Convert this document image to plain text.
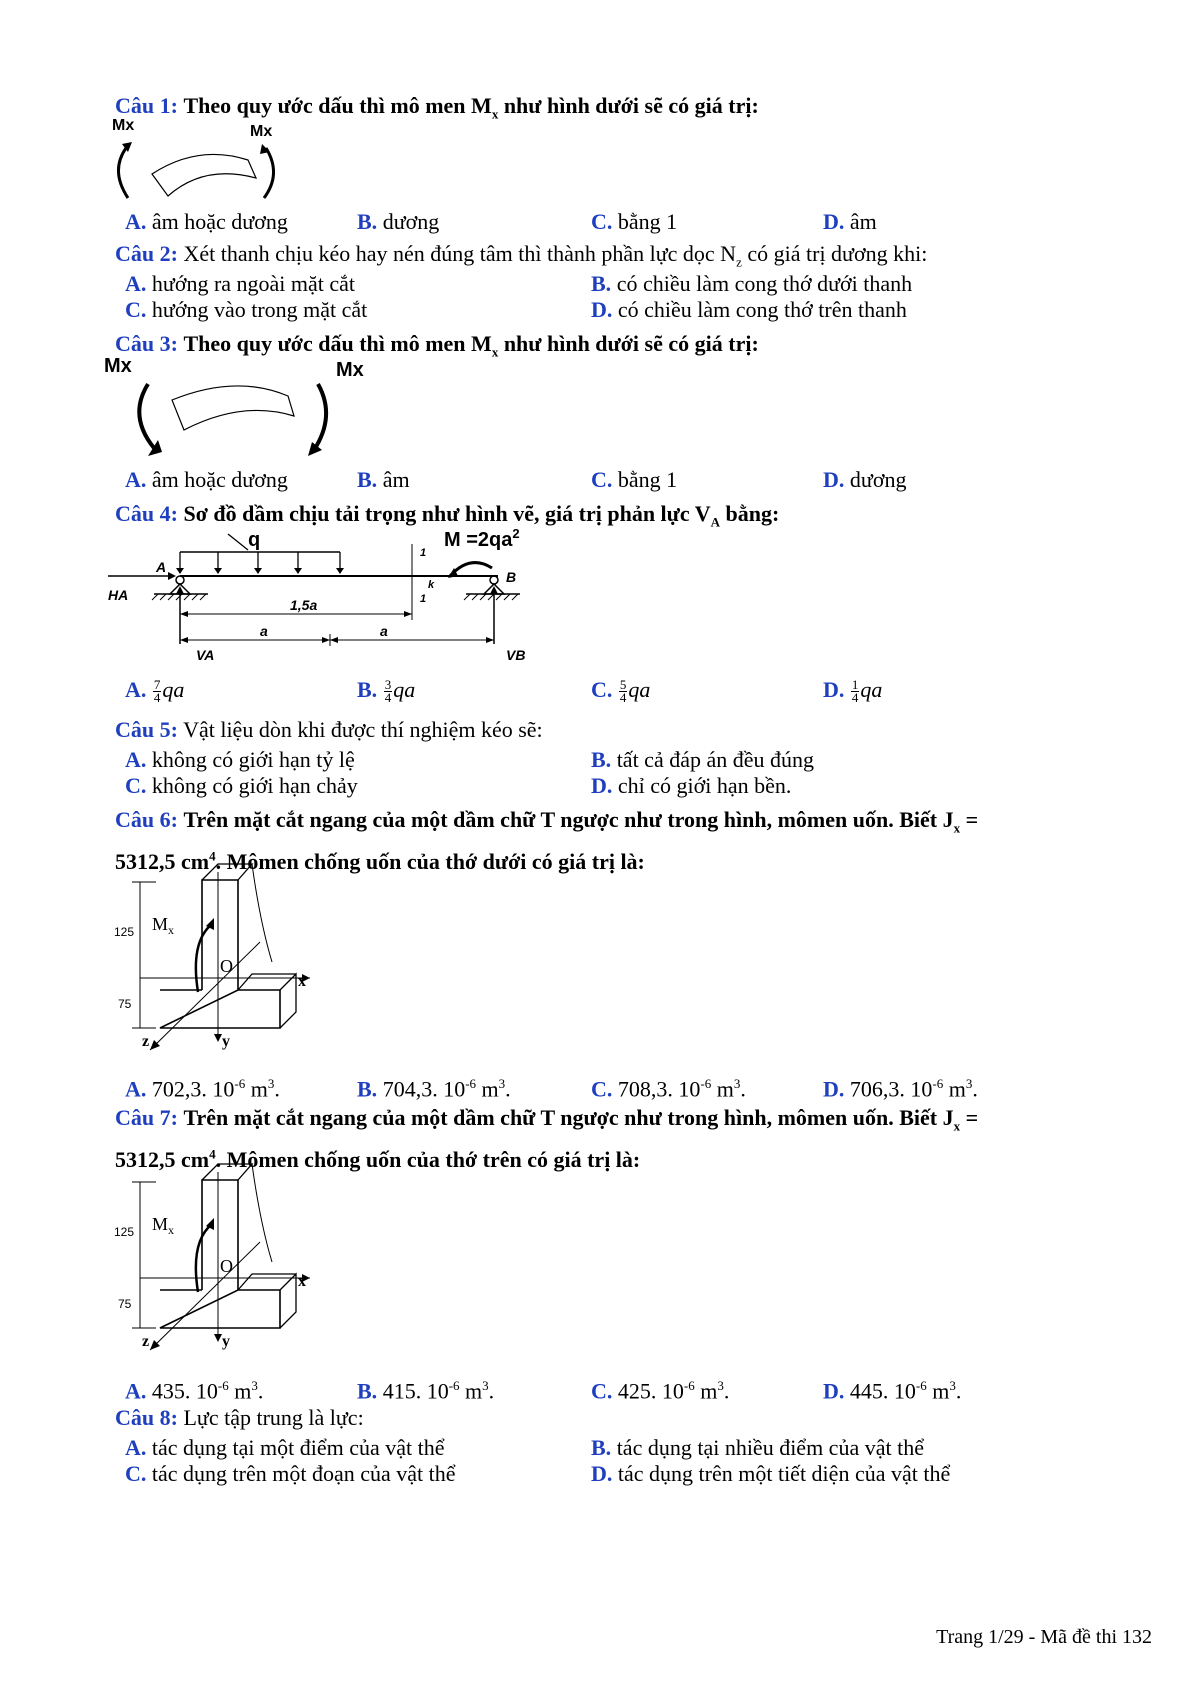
Câu 1: Theo quy ước dấu thì mô men $M_x$ như hình dưới sẽ có giá trị:
Mx	Mx
A. âm hoặc dương	B. dương	C. bằng 1	D. âm
Câu 2: Xét thanh chịu kéo hay nén đúng tâm thì thành phần lực dọc $N_z$ có giá trị dương khi:
A. hướng ra ngoài mặt cắt	B. có chiều làm cong thớ dưới thanh
C. hướng vào trong mặt cắt	D. có chiều làm cong thớ trên thanh
Câu 3: Theo quy ước dấu thì mô men $M_x$ như hình dưới sẽ có giá trị:
Mx	Mx
A. âm hoặc dương	B. âm	C. bằng 1	D. dương
Câu 4: Sơ đồ dầm chịu tải trọng như hình vẽ, giá trị phản lực $V_A$ bằng:
q
A
HA
B
$M =2qa^2$
1
k
1
1,5a
a	a
VA	VB
A. $\frac{7}{4}$ qa	B. $\frac{3}{4}$ qa	C. $\frac{5}{4}$ qa	D. $\frac{1}{4}$ qa
Câu 5: Vật liệu dòn khi được thí nghiệm kéo sẽ:
A. không có giới hạn tỷ lệ	B. tất cả đáp án đều đúng
C. không có giới hạn chảy	D. chỉ có giới hạn bền.
Câu 6: Trên mặt cắt ngang của một dầm chữ T ngược như trong hình, mômen uốn. Biết $J_x$ =
5312,5 $cm^4$. Mômen chống uốn của thớ dưới có giá trị là:
125
75
$M_x$
O
x
y
z
A. 702,3. $10^{-6}$ $m^3$.	B. 704,3. $10^{-6}$ $m^3$.	C. 708,3. $10^{-6}$ $m^3$.	D. 706,3. $10^{-6}$ $m^3$.
Câu 7: Trên mặt cắt ngang của một dầm chữ T ngược như trong hình, mômen uốn. Biết $J_x$ =
5312,5 $cm^4$. Mômen chống uốn của thớ trên có giá trị là:
125
75
$M_x$
O
x
y
z
A. 435. $10^{-6}$ $m^3$.	B. 415. $10^{-6}$ $m^3$.	C. 425. $10^{-6}$ $m^3$.	D. 445. $10^{-6}$ $m^3$.
Câu 8: Lực tập trung là lực:
A. tác dụng tại một điểm của vật thể	B. tác dụng tại nhiều điểm của vật thể
C. tác dụng trên một đoạn của vật thể	D. tác dụng trên một tiết diện của vật thể
Trang 1/29 - Mã đề thi 132
